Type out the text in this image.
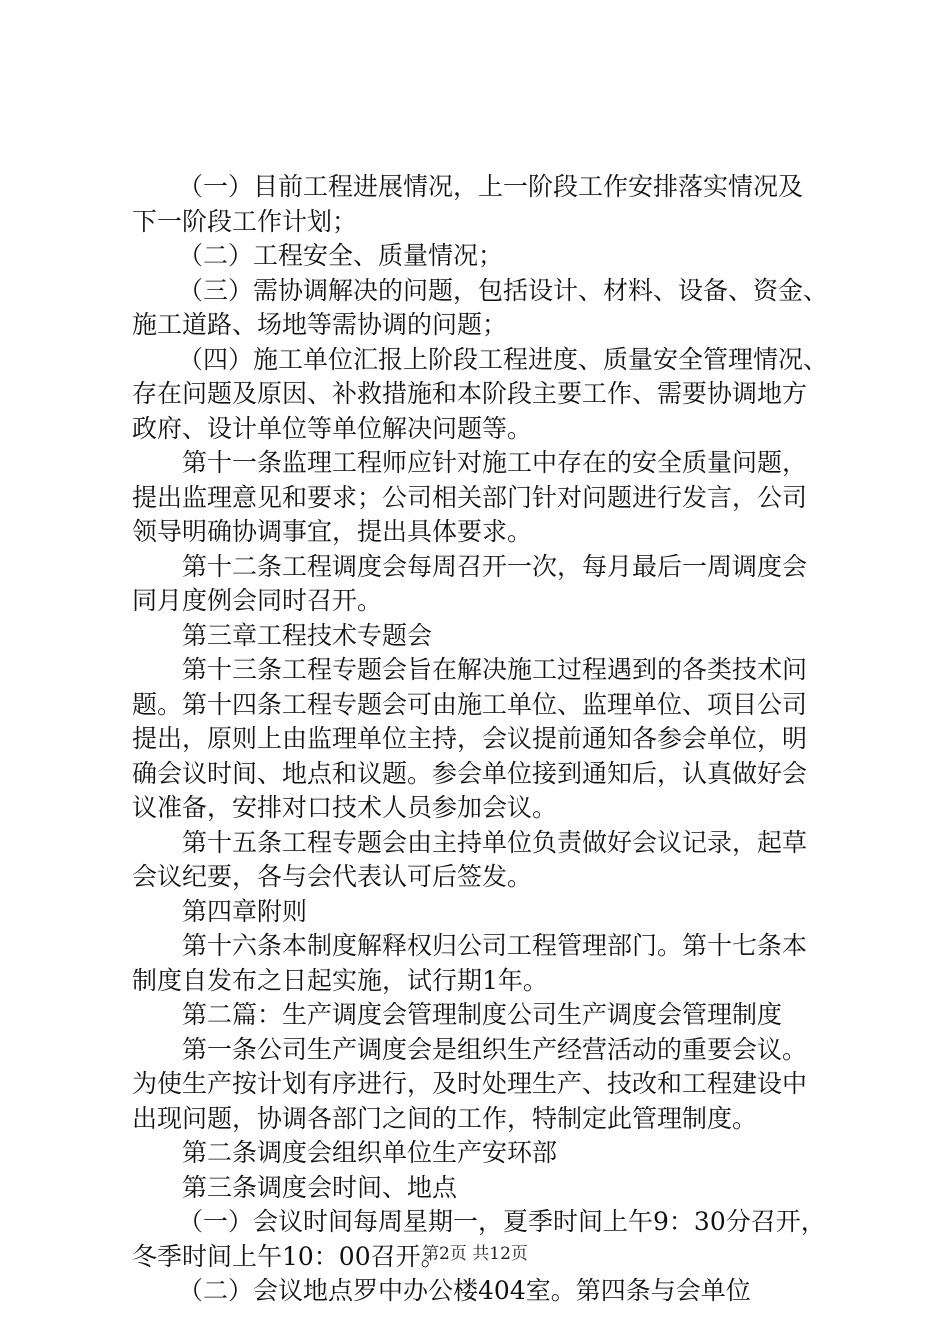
（一）目前工程进展情况，上一阶段工作安排落实情况及
下一阶段工作计划；
（二）工程安全、质量情况；
（三）需协调解决的问题，包括设计、材料、设备、资金、
施工道路、场地等需协调的问题；
（四）施工单位汇报上阶段工程进度、质量安全管理情况、
存在问题及原因、补救措施和本阶段主要工作、需要协调地方
政府、设计单位等单位解决问题等。
第十一条监理工程师应针对施工中存在的安全质量问题，
提出监理意见和要求；公司相关部门针对问题进行发言，公司
领导明确协调事宜，提出具体要求。
第十二条工程调度会每周召开一次，每月最后一周调度会
同月度例会同时召开。
第三章工程技术专题会
第十三条工程专题会旨在解决施工过程遇到的各类技术问
题。第十四条工程专题会可由施工单位、监理单位、项目公司
提出，原则上由监理单位主持，会议提前通知各参会单位，明
确会议时间、地点和议题。参会单位接到通知后，认真做好会
议准备，安排对口技术人员参加会议。
第十五条工程专题会由主持单位负责做好会议记录，起草
会议纪要，各与会代表认可后签发。
第四章附则
第十六条本制度解释权归公司工程管理部门。第十七条本
制度自发布之日起实施，试行期1年。
第二篇：生产调度会管理制度公司生产调度会管理制度
第一条公司生产调度会是组织生产经营活动的重要会议。
为使生产按计划有序进行，及时处理生产、技改和工程建设中
出现问题，协调各部门之间的工作，特制定此管理制度。
第二条调度会组织单位生产安环部
第三条调度会时间、地点
（一）会议时间每周星期一，夏季时间上午9：30分召开，
冬季时间上午10：00召开。
（二）会议地点罗中办公楼404室。第四条与会单位
第2页 共12页
